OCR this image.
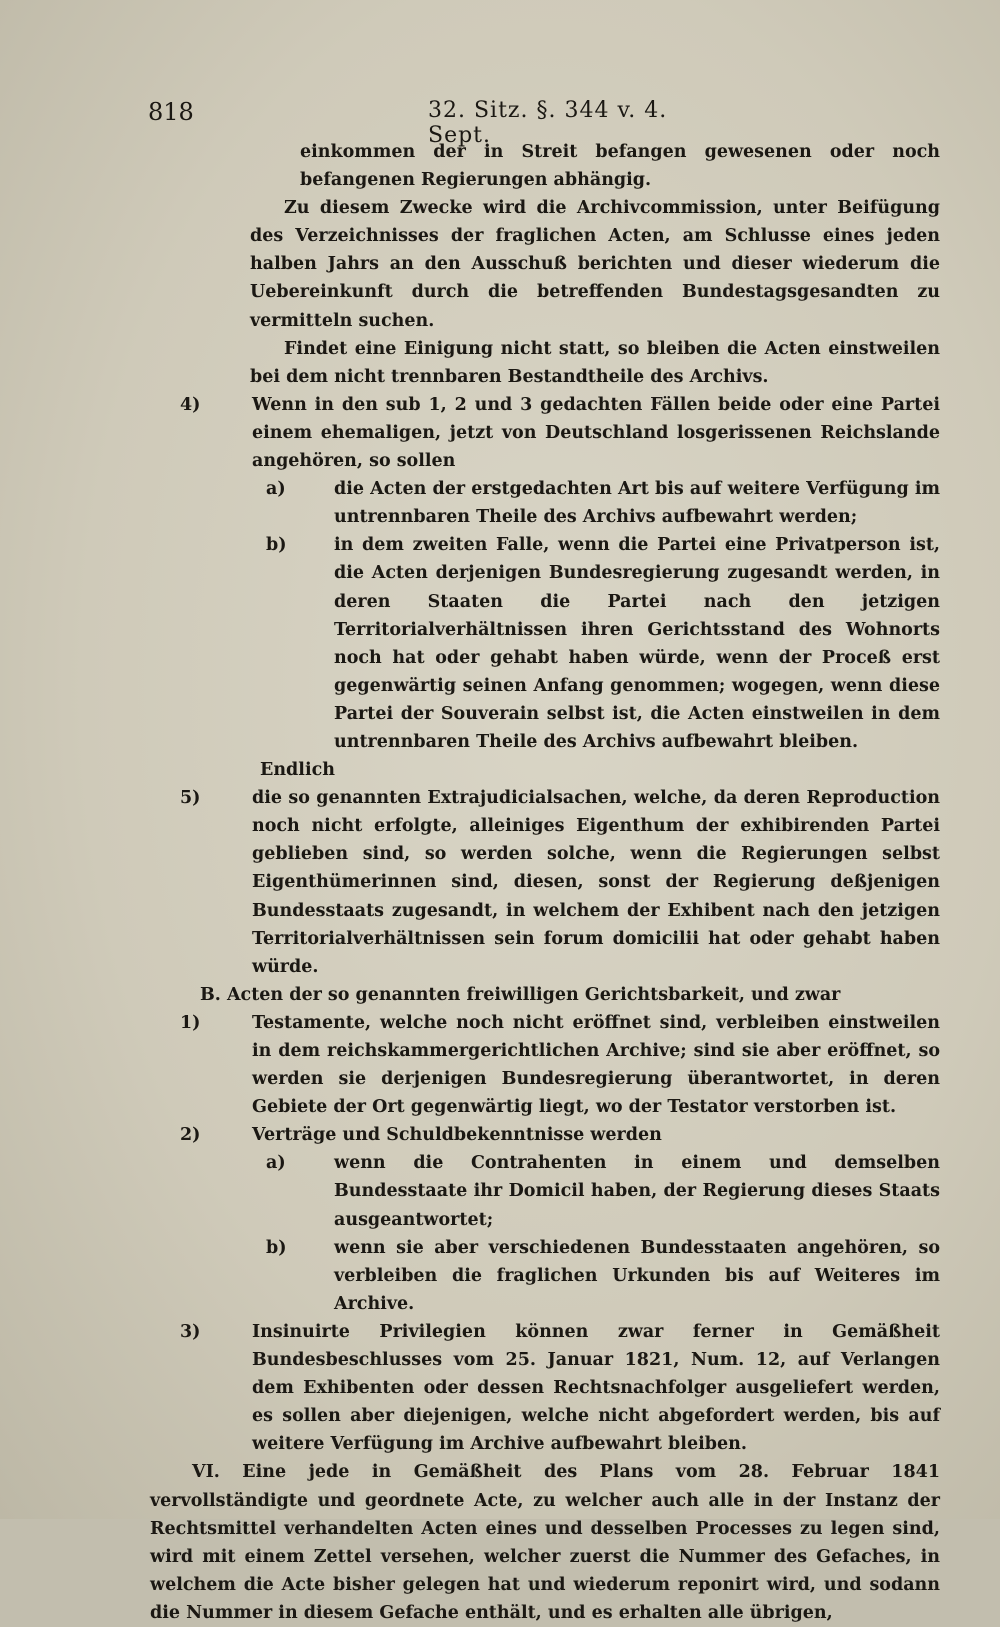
818	32. Sitz. §. 344 v. 4. Sept.

einkommen der in Streit befangen gewesenen oder noch befangenen Regierungen abhängig.

Zu diesem Zwecke wird die Archivcommission, unter Beifügung des Verzeichnisses der fraglichen Acten, am Schlusse eines jeden halben Jahrs an den Ausschuß berichten und dieser wiederum die Uebereinkunft durch die betreffenden Bundestagsgesandten zu vermitteln suchen.

Findet eine Einigung nicht statt, so bleiben die Acten einstweilen bei dem nicht trennbaren Bestandtheile des Archivs.

4)	Wenn in den sub 1, 2 und 3 gedachten Fällen beide oder eine Partei einem ehemaligen, jetzt von Deutschland losgerissenen Reichslande angehören, so sollen

a)	die Acten der erstgedachten Art bis auf weitere Verfügung im untrennbaren Theile des Archivs aufbewahrt werden;

b)	in dem zweiten Falle, wenn die Partei eine Privatperson ist, die Acten derjenigen Bundesregierung zugesandt werden, in deren Staaten die Partei nach den jetzigen Territorialverhältnissen ihren Gerichtsstand des Wohnorts noch hat oder gehabt haben würde, wenn der Proceß erst gegenwärtig seinen Anfang genommen; wogegen, wenn diese Partei der Souverain selbst ist, die Acten einstweilen in dem untrennbaren Theile des Archivs aufbewahrt bleiben.

Endlich

5)	die so genannten Extrajudicialsachen, welche, da deren Reproduction noch nicht erfolgte, alleiniges Eigenthum der exhibirenden Partei geblieben sind, so werden solche, wenn die Regierungen selbst Eigenthümerinnen sind, diesen, sonst der Regierung deßjenigen Bundesstaats zugesandt, in welchem der Exhibent nach den jetzigen Territorialverhältnissen sein forum domicilii hat oder gehabt haben würde.

B. Acten der so genannten freiwilligen Gerichtsbarkeit, und zwar

1)	Testamente, welche noch nicht eröffnet sind, verbleiben einstweilen in dem reichskammergerichtlichen Archive; sind sie aber eröffnet, so werden sie derjenigen Bundesregierung überantwortet, in deren Gebiete der Ort gegenwärtig liegt, wo der Testator verstorben ist.

2)	Verträge und Schuldbekenntnisse werden

a)	wenn die Contrahenten in einem und demselben Bundesstaate ihr Domicil haben, der Regierung dieses Staats ausgeantwortet;

b)	wenn sie aber verschiedenen Bundesstaaten angehören, so verbleiben die fraglichen Urkunden bis auf Weiteres im Archive.

3)	Insinuirte Privilegien können zwar ferner in Gemäßheit Bundesbeschlusses vom 25. Januar 1821, Num. 12, auf Verlangen dem Exhibenten oder dessen Rechtsnachfolger ausgeliefert werden, es sollen aber diejenigen, welche nicht abgefordert werden, bis auf weitere Verfügung im Archive aufbewahrt bleiben.

VI. Eine jede in Gemäßheit des Plans vom 28. Februar 1841 vervollständigte und geordnete Acte, zu welcher auch alle in der Instanz der Rechtsmittel verhandelten Acten eines und desselben Processes zu legen sind, wird mit einem Zettel versehen, welcher zuerst die Nummer des Gefaches, in welchem die Acte bisher gelegen hat und wiederum reponirt wird, und sodann die Nummer in diesem Gefache enthält, und es erhalten alle übrigen,
